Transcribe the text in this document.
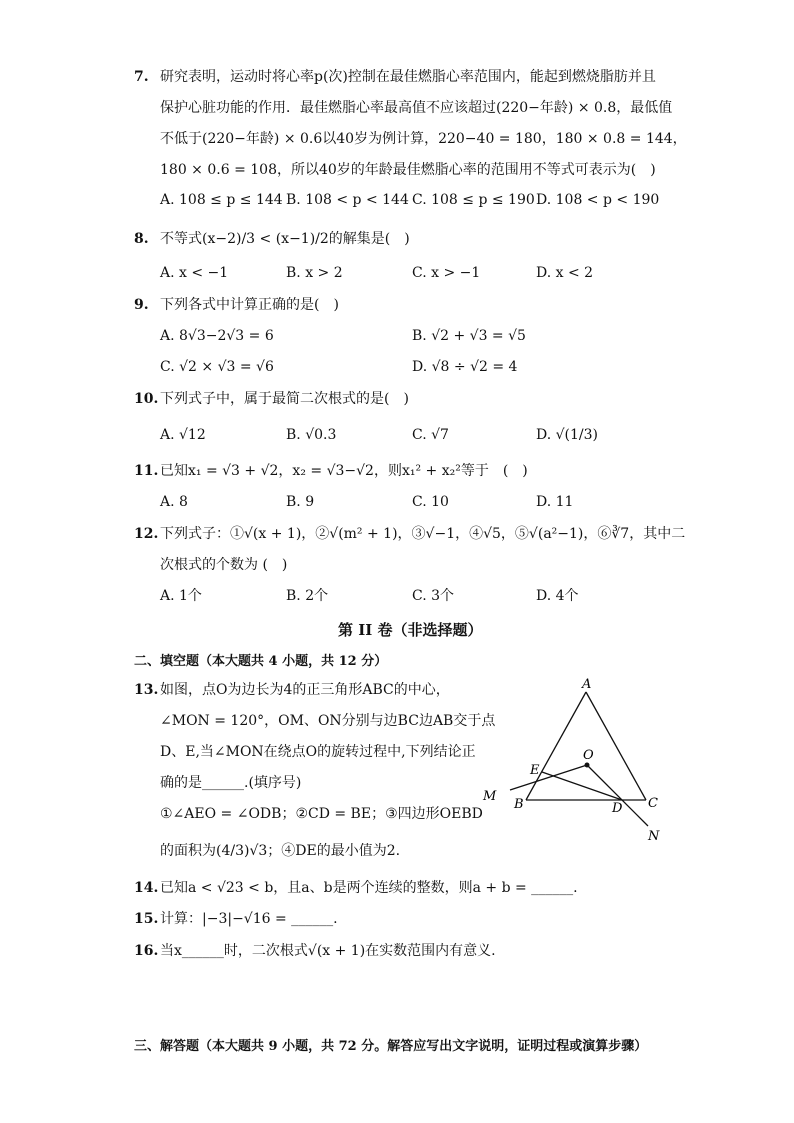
7. 研究表明，运动时将心率p(次)控制在最佳燃脂心率范围内，能起到燃烧脂肪并且
保护心脏功能的作用．最佳燃脂心率最高值不应该超过(220−年龄) × 0.8，最低值
不低于(220−年龄) × 0.6以40岁为例计算，220−40 = 180，180 × 0.8 = 144，
180 × 0.6 = 108，所以40岁的年龄最佳燃脂心率的范围用不等式可表示为(　)
A. 108 ≤ p ≤ 144 B. 108 < p < 144 C. 108 ≤ p ≤ 190 D. 108 < p < 190
8. 不等式(x−2)/3 < (x−1)/2的解集是(　)
A. x < −1	B. x > 2	C. x > −1	D. x < 2
9. 下列各式中计算正确的是(　)
A. 8√3−2√3 = 6	B. √2 + √3 = √5
C. √2 × √3 = √6	D. √8 ÷ √2 = 4
10. 下列式子中，属于最简二次根式的是(　)
A. √12	B. √0.3	C. √7	D. √(1/3)
11. 已知x₁ = √3 + √2，x₂ = √3−√2，则x₁² + x₂²等于　(　)
A. 8	B. 9	C. 10	D. 11
12. 下列式子：①√(x + 1)，②√(m² + 1)，③√−1，④√5，⑤√(a²−1)，⑥∛7，其中二
次根式的个数为 (　)
A. 1个	B. 2个	C. 3个	D. 4个
第 II 卷（非选择题）
二、填空题（本大题共 4 小题，共 12 分）
13. 如图，点O为边长为4的正三角形ABC的中心，
∠MON = 120°，OM、ON分别与边BC边AB交于点
D、E,当∠MON在绕点O的旋转过程中,下列结论正
确的是______.(填序号)
①∠AEO = ∠ODB；②CD = BE；③四边形OEBD
的面积为(4/3)√3；④DE的最小值为2.
A
O
E
M
B	D C
N
14. 已知a < √23 < b，且a、b是两个连续的整数，则a + b = ______.
15. 计算：|−3|−√16 = ______.
16. 当x______时，二次根式√(x + 1)在实数范围内有意义.
三、解答题（本大题共 9 小题，共 72 分。解答应写出文字说明，证明过程或演算步骤）
